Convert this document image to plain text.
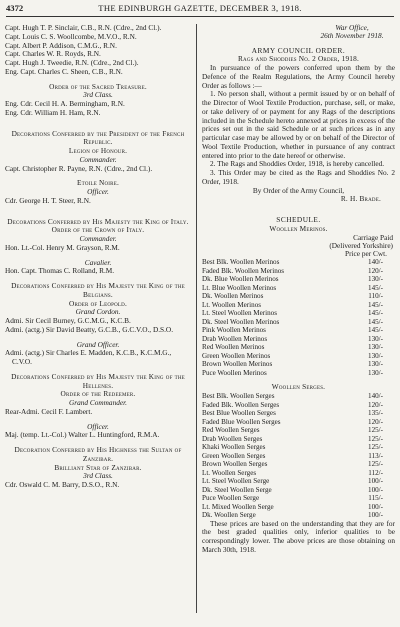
4372	THE EDINBURGH GAZETTE, DECEMBER 3, 1918.

Capt. Hugh T. P. Sinclair, C.B., R.N. (Cdre., 2nd Cl.).

Capt. Louis C. S. Woollcombe, M.V.O., R.N.

Capt. Albert P. Addison, C.M.G., R.N.

Capt. Charles W. R. Royds, R.N.

Capt. Hugh J. Tweedie, R.N. (Cdre., 2nd Cl.).

Eng. Capt. Charles C. Sheen, C.B., R.N.

Order of the Sacred Treasure.

3rd Class.

Eng. Cdr. Cecil H. A. Bermingham, R.N.

Eng. Cdr. William H. Ham, R.N.

Decorations Conferred by the President of the French Republic.

Legion of Honour.

Commander.

Capt. Christopher R. Payne, R.N. (Cdre., 2nd Cl.).

Etoile Noire.

Officer.

Cdr. George H. T. Steer, R.N.

Decorations Conferred by His Majesty the King of Italy.

Order of the Crown of Italy.

Commander.

Hon. Lt.-Col. Henry M. Grayson, R.M.

Cavalier.

Hon. Capt. Thomas C. Rolland, R.M.

Decorations Conferred by His Majesty the King of the Belgians.

Order of Leopold.

Grand Cordon.

Admi. Sir Cecil Burney, G.C.M.G., K.C.B.

Admi. (actg.) Sir David Beatty, G.C.B., G.C.V.O., D.S.O.

Grand Officer.

Admi. (actg.) Sir Charles E. Madden, K.C.B., K.C.M.G., C.V.O.

Decorations Conferred by His Majesty the King of the Hellenes.

Order of the Redeemer.

Grand Commander.

Rear-Admi. Cecil F. Lambert.

Officer.

Maj. (temp. Lt.-Col.) Walter L. Huntingford, R.M.A.

Decoration Conferred by His Highness the Sultan of Zanzibar.

Brilliant Star of Zanzibar.

3rd Class.

Cdr. Oswald C. M. Barry, D.S.O., R.N.

War Office,

26th November 1918.

ARMY COUNCIL ORDER.

Rags and Shoddies No. 2 Order, 1918.

In pursuance of the powers conferred upon them by the Defence of the Realm Regulations, the Army Council hereby Order as follows :—

1. No person shall, without a permit issued by or on behalf of the Director of Wool Textile Production, purchase, sell, or make, or take delivery of or payment for any Rags of the descriptions included in the Schedule hereto annexed at prices in excess of the prices set out in the said Schedule or at such prices as in any particular case may be allowed by or on behalf of the Director of Wool Textile Production, whether in pursuance of any contract entered into prior to the date hereof or otherwise.

2. The Rags and Shoddies Order, 1918, is hereby cancelled.

3. This Order may be cited as the Rags and Shoddies No. 2 Order, 1918.

By Order of the Army Council,

R. H. Brade.

SCHEDULE.

Woollen Merinos.

Carriage Paid

(Delivered Yorkshire)

Price per Cwt.

Best Blk. Woollen Merinos	140/-
Faded Blk. Woollen Merinos	120/-
Dk. Blue Woollen Merinos	130/-
Lt. Blue Woollen Merinos	145/-
Dk. Woollen Merinos	110/-
Lt. Woollen Merinos	145/-
Lt. Steel Woollen Merinos	145/-
Dk. Steel Woollen Merinos	145/-
Pink Woollen Merinos	145/-
Drab Woollen Merinos	130/-
Red Woollen Merinos	130/-
Green Woollen Merinos	130/-
Brown Woollen Merinos	130/-
Puce Woollen Merinos	130/-

Woollen Serges.

Best Blk. Woollen Serges	140/-
Faded Blk. Woollen Serges	120/-
Best Blue Woollen Serges	135/-
Faded Blue Woollen Serges	120/-
Red Woollen Serges	125/-
Drab Woollen Serges	125/-
Khaki Woollen Serges	125/-
Green Woollen Serges	113/-
Brown Woollen Serges	125/-
Lt. Woollen Serges	112/-
Lt. Steel Woollen Serge	100/-
Dk. Steel Woollen Serge	100/-
Puce Woollen Serge	115/-
Lt. Mixed Woollen Serge	100/-
Dk. Woollen Serge	100/-

These prices are based on the understanding that they are for the best graded qualities only, inferior qualities to be correspondingly lower. The above prices are those obtaining on March 30th, 1918.
